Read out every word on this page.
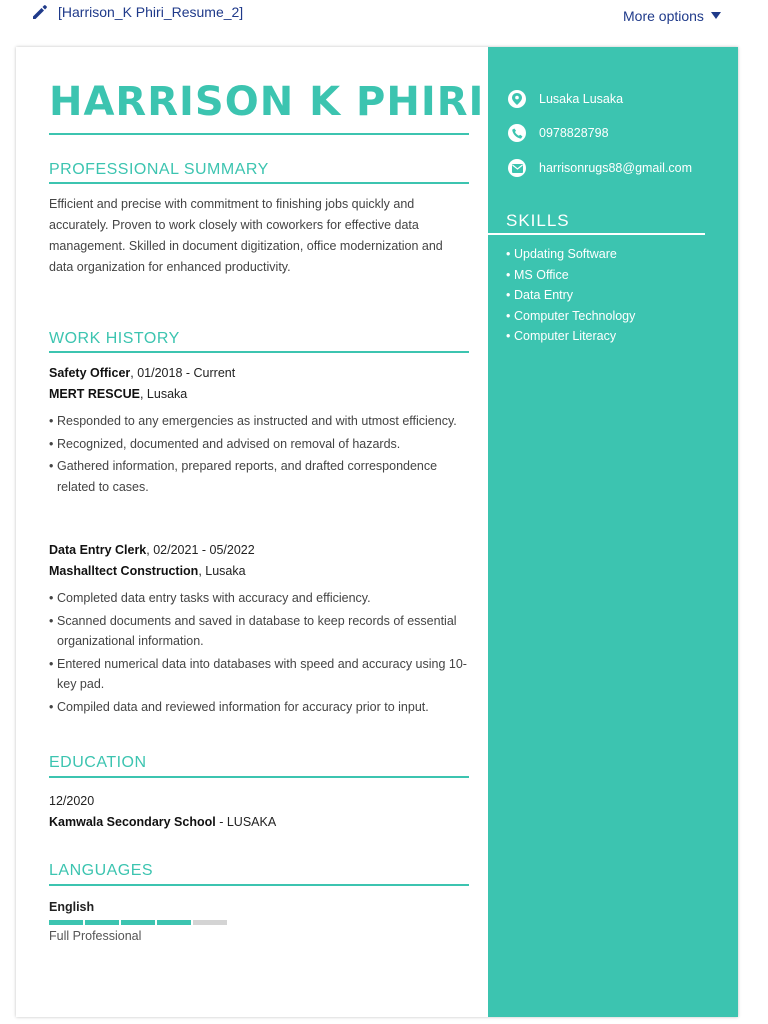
[Harrison_K Phiri_Resume_2]	More options
HARRISON K PHIRI
PROFESSIONAL SUMMARY

Efficient and precise with commitment to finishing jobs quickly and accurately. Proven to work closely with coworkers for effective data management. Skilled in document digitization, office modernization and data organization for enhanced productivity.

WORK HISTORY
Safety Officer, 01/2018 - Current
MERT RESCUE, Lusaka
• Responded to any emergencies as instructed and with utmost efficiency.
• Recognized, documented and advised on removal of hazards.
• Gathered information, prepared reports, and drafted correspondence related to cases.
Data Entry Clerk, 02/2021 - 05/2022
Mashalltect Construction, Lusaka
• Completed data entry tasks with accuracy and efficiency.
• Scanned documents and saved in database to keep records of essential organizational information.
• Entered numerical data into databases with speed and accuracy using 10-key pad.
• Compiled data and reviewed information for accuracy prior to input.
EDUCATION
12/2020
Kamwala Secondary School - LUSAKA
LANGUAGES
English
Full Professional
Lusaka Lusaka
0978828798
harrisonrugs88@gmail.com
SKILLS
• Updating Software
• MS Office
• Data Entry
• Computer Technology
• Computer Literacy
